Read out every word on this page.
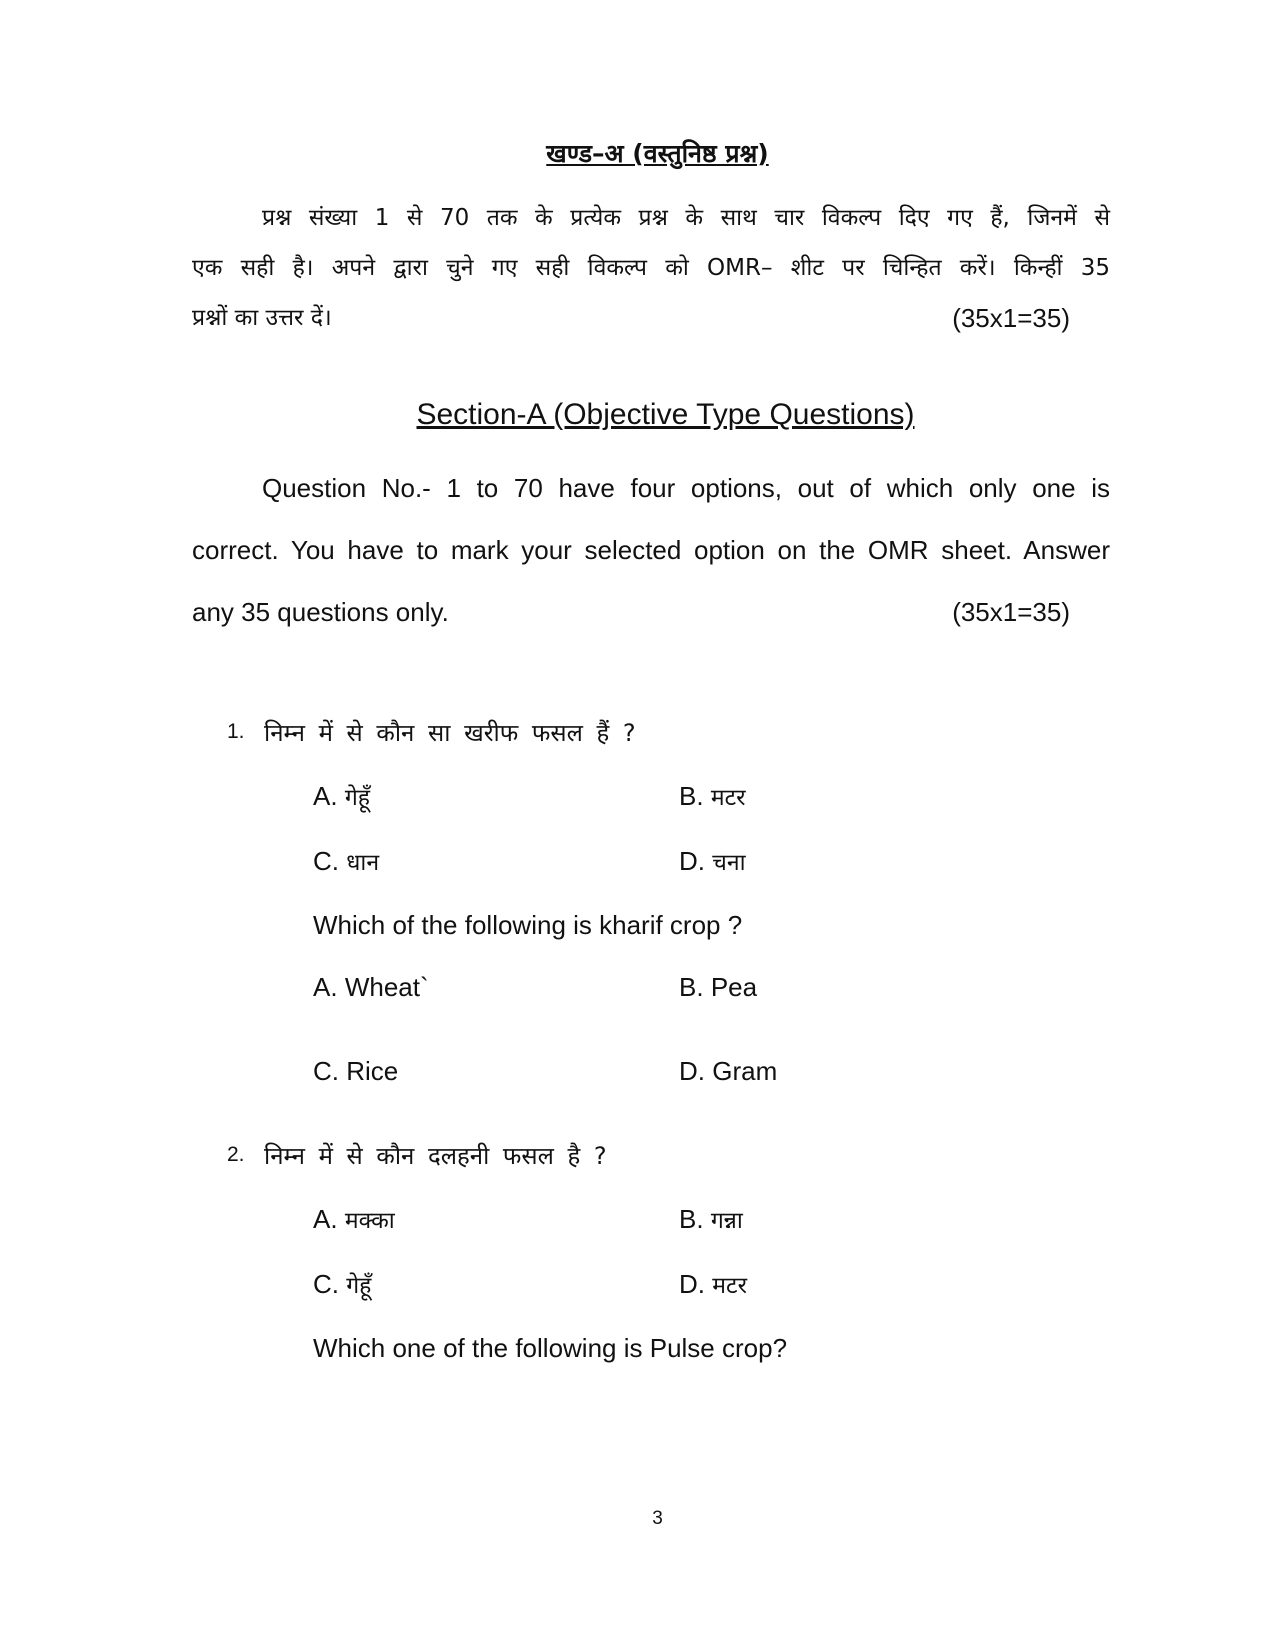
खण्ड–अ (वस्तुनिष्ठ प्रश्न)
प्रश्न संख्या 1 से 70 तक के प्रत्येक प्रश्न के साथ चार विकल्प दिए गए हैं, जिनमें से
एक सही है। अपने द्वारा चुने गए सही विकल्प को OMR– शीट पर चिन्हित करें। किन्हीं 35
प्रश्नों का उत्तर दें।	(35x1=35)
Section-A (Objective Type Questions)
Question No.- 1 to 70 have four options, out of which only one is
correct. You have to mark your selected option on the OMR sheet. Answer
any 35 questions only.	(35x1=35)
1. निम्न में से कौन सा खरीफ फसल हैं ?
A. गेहूँ	B. मटर
C. धान	D. चना
Which of the following is kharif crop ?
A. Wheat`	B. Pea
C. Rice	D. Gram
2. निम्न में से कौन दलहनी फसल है ?
A. मक्का	B. गन्ना
C. गेहूँ	D. मटर
Which one of the following is Pulse crop?
3
